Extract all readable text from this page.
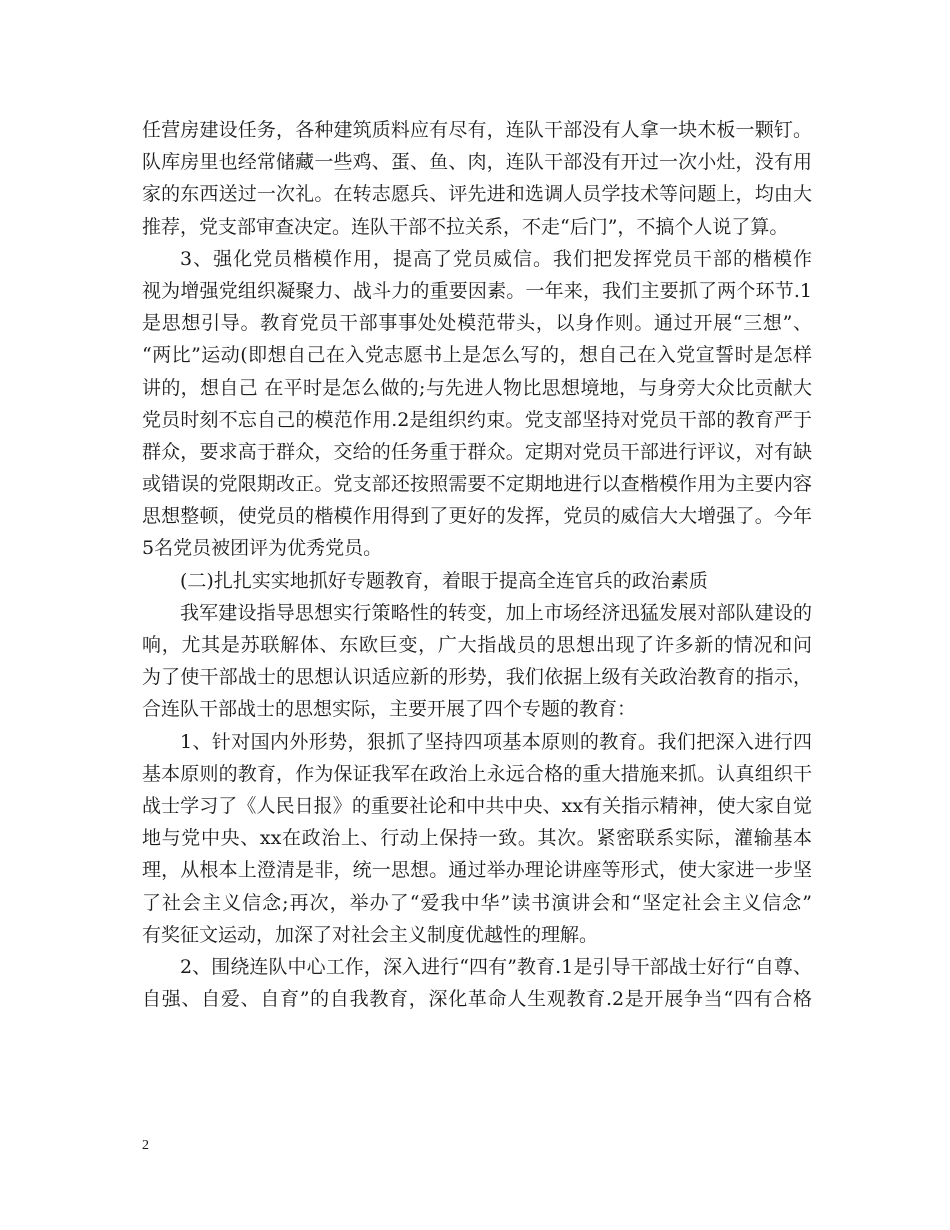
任营房建设任务，各种建筑质料应有尽有，连队干部没有人拿一块木板一颗钉。
队库房里也经常储藏一些鸡、蛋、鱼、肉，连队干部没有开过一次小灶，没有用
家的东西送过一次礼。在转志愿兵、评先进和选调人员学技术等问题上，均由大
推荐，党支部审查决定。连队干部不拉关系，不走“后门”，不搞个人说了算。
3、强化党员楷模作用，提高了党员威信。我们把发挥党员干部的楷模作
视为增强党组织凝聚力、战斗力的重要因素。一年来，我们主要抓了两个环节.1
是思想引导。教育党员干部事事处处模范带头，以身作则。通过开展“三想”、
“两比”运动(即想自己在入党志愿书上是怎么写的，想自己在入党宣誓时是怎样
讲的，想自己 在平时是怎么做的;与先进人物比思想境地，与身旁大众比贡献大
党员时刻不忘自己的模范作用.2是组织约束。党支部坚持对党员干部的教育严于
群众，要求高于群众，交给的任务重于群众。定期对党员干部进行评议，对有缺
或错误的党限期改正。党支部还按照需要不定期地进行以查楷模作用为主要内容
思想整顿，使党员的楷模作用得到了更好的发挥，党员的威信大大增强了。今年
5名党员被团评为优秀党员。
(二)扎扎实实地抓好专题教育，着眼于提高全连官兵的政治素质
我军建设指导思想实行策略性的转变，加上市场经济迅猛发展对部队建设的
响，尤其是苏联解体、东欧巨变，广大指战员的思想出现了许多新的情况和问
为了使干部战士的思想认识适应新的形势，我们依据上级有关政治教育的指示，
合连队干部战士的思想实际，主要开展了四个专题的教育：
1、针对国内外形势，狠抓了坚持四项基本原则的教育。我们把深入进行四
基本原则的教育，作为保证我军在政治上永远合格的重大措施来抓。认真组织干
战士学习了《人民日报》的重要社论和中共中央、xx有关指示精神，使大家自觉
地与党中央、xx在政治上、行动上保持一致。其次。紧密联系实际，灌输基本
理，从根本上澄清是非，统一思想。通过举办理论讲座等形式，使大家进一步坚
了社会主义信念;再次，举办了“爱我中华”读书演讲会和“坚定社会主义信念”
有奖征文运动，加深了对社会主义制度优越性的理解。
2、围绕连队中心工作，深入进行“四有”教育.1是引导干部战士好行“自尊、
自强、自爱、自育”的自我教育，深化革命人生观教育.2是开展争当“四有合格
2
